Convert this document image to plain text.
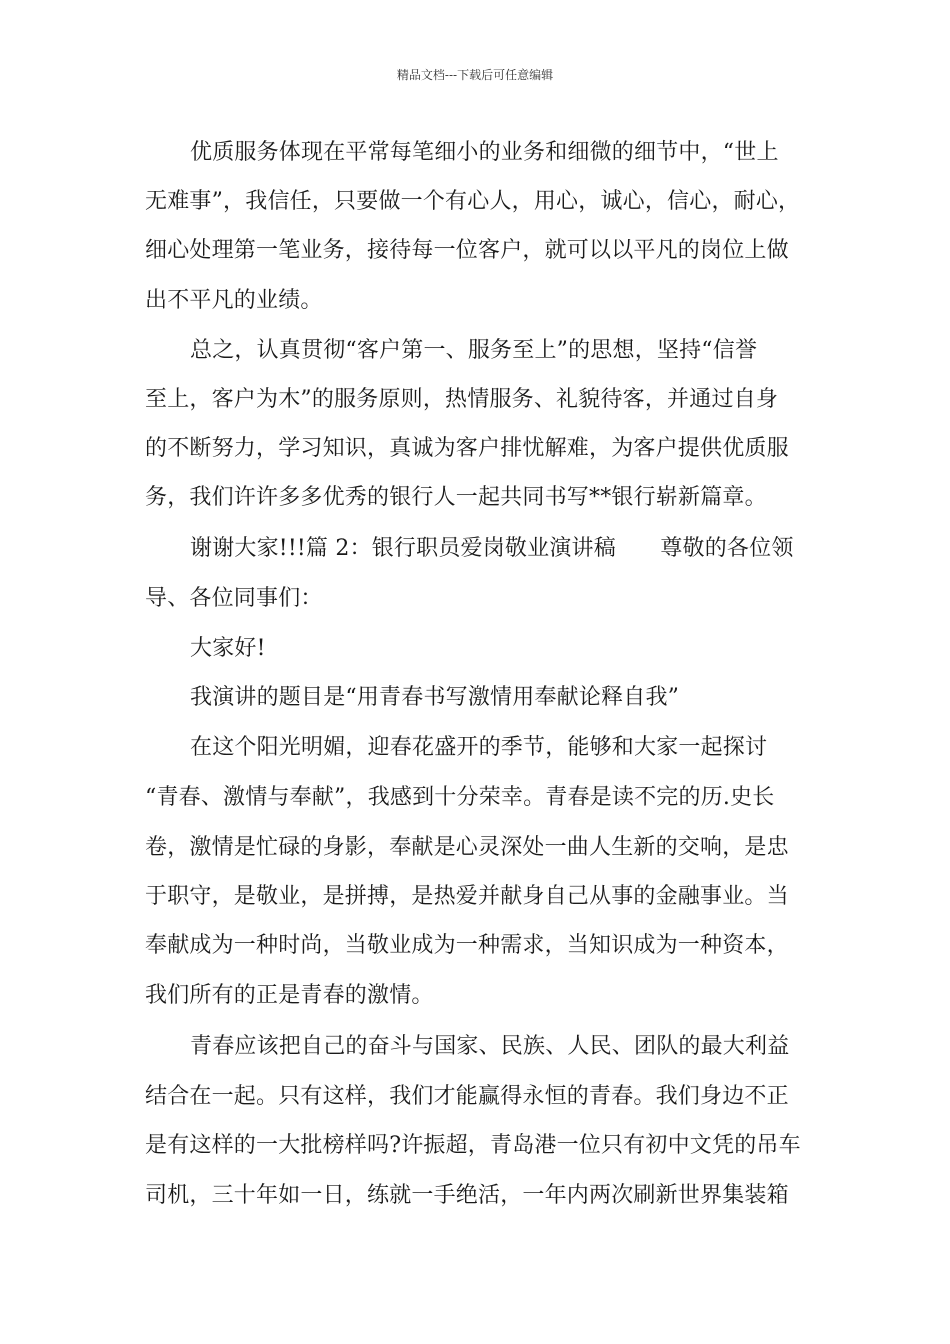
精品文档---下载后可任意编辑
优质服务体现在平常每笔细小的业务和细微的细节中，“世上
无难事”，我信任，只要做一个有心人，用心，诚心，信心，耐心，
细心处理第一笔业务，接待每一位客户，就可以以平凡的岗位上做
出不平凡的业绩。
总之，认真贯彻“客户第一、服务至上”的思想，坚持“信誉
至上，客户为木”的服务原则，热情服务、礼貌待客，并通过自身
的不断努力，学习知识，真诚为客户排忧解难，为客户提供优质服
务，我们许许多多优秀的银行人一起共同书写**银行崭新篇章。
谢谢大家!!!篇 2：银行职员爱岗敬业演讲稿　　尊敬的各位领
导、各位同事们：
大家好!
我演讲的题目是“用青春书写激情用奉献论释自我”
在这个阳光明媚，迎春花盛开的季节，能够和大家一起探讨
“青春、激情与奉献”，我感到十分荣幸。青春是读不完的历.史长
卷，激情是忙碌的身影，奉献是心灵深处一曲人生新的交响，是忠
于职守，是敬业，是拼搏，是热爱并献身自己从事的金融事业。当
奉献成为一种时尚，当敬业成为一种需求，当知识成为一种资本，
我们所有的正是青春的激情。
青春应该把自己的奋斗与国家、民族、人民、团队的最大利益
结合在一起。只有这样，我们才能赢得永恒的青春。我们身边不正
是有这样的一大批榜样吗?许振超，青岛港一位只有初中文凭的吊车
司机，三十年如一日，练就一手绝活，一年内两次刷新世界集装箱
